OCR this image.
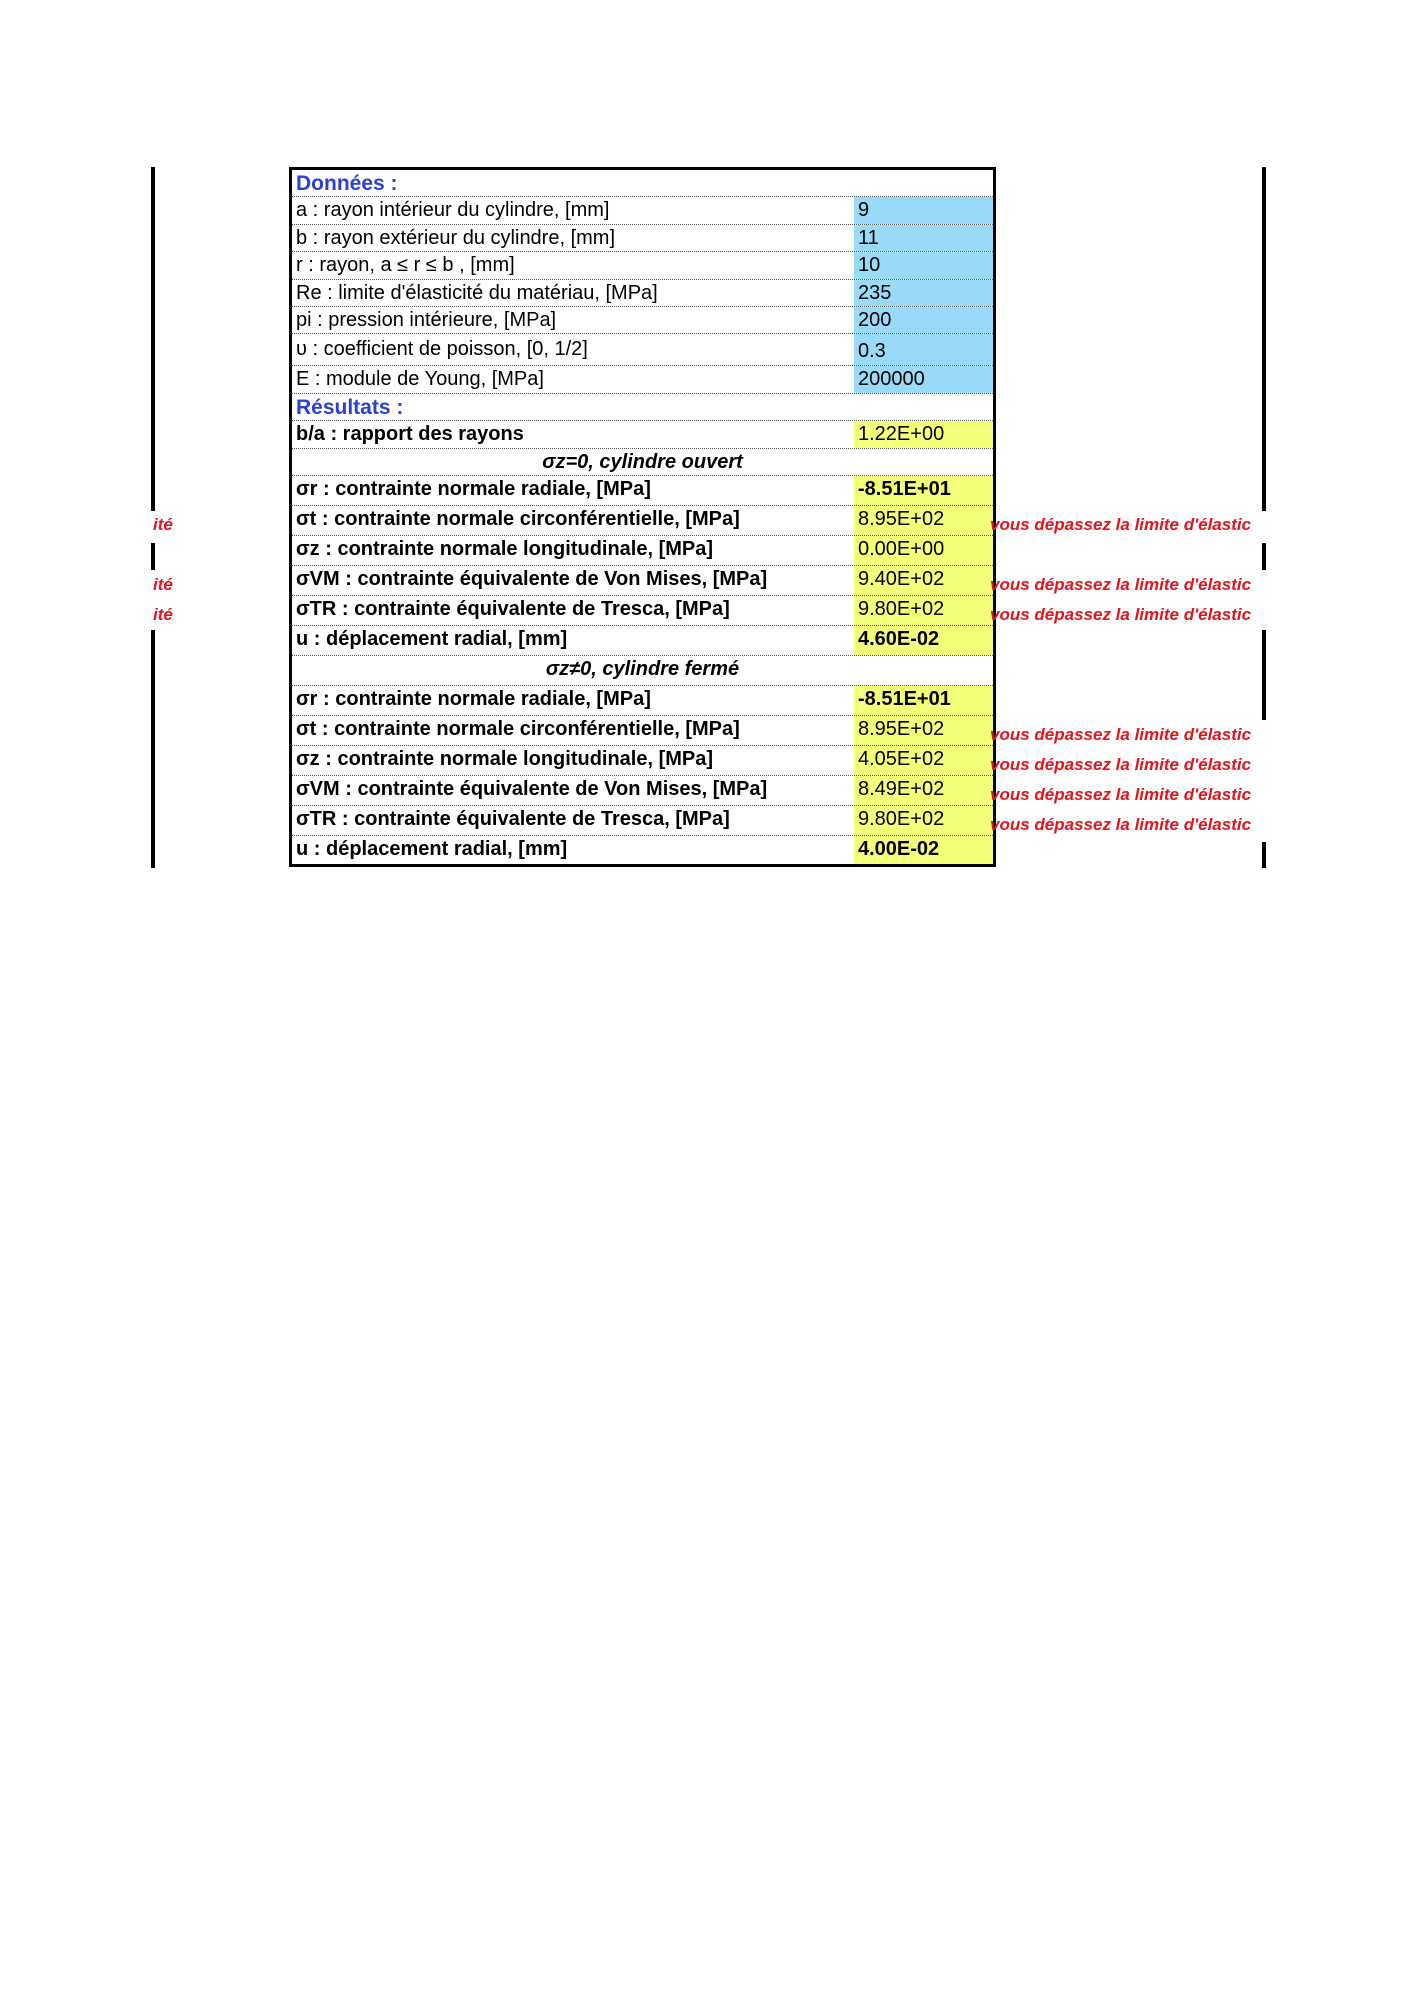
ité
ité
ité
Données :
a : rayon intérieur du cylindre, [mm]	9
b : rayon extérieur du cylindre, [mm]	11
r : rayon, a ≤ r ≤ b , [mm]	10
Re : limite d'élasticité du matériau, [MPa]	235
pi : pression intérieure, [MPa]	200
υ : coefficient de poisson, [0, 1/2]	0.3
E : module de Young, [MPa]	200000
Résultats :
b/a : rapport des rayons	1.22E+00
σz=0, cylindre ouvert
σr : contrainte normale radiale, [MPa]	-8.51E+01
σt : contrainte normale circonférentielle, [MPa]	8.95E+02
σz : contrainte normale longitudinale, [MPa]	0.00E+00
σVM : contrainte équivalente de Von Mises, [MPa]	9.40E+02
σTR : contrainte équivalente de Tresca, [MPa]	9.80E+02
u : déplacement radial, [mm]	4.60E-02
σz≠0, cylindre fermé
σr : contrainte normale radiale, [MPa]	-8.51E+01
σt : contrainte normale circonférentielle, [MPa]	8.95E+02
σz : contrainte normale longitudinale, [MPa]	4.05E+02
σVM : contrainte équivalente de Von Mises, [MPa]	8.49E+02
σTR : contrainte équivalente de Tresca, [MPa]	9.80E+02
u : déplacement radial, [mm]	4.00E-02
vous dépassez la limite d'élastic
vous dépassez la limite d'élastic
vous dépassez la limite d'élastic
vous dépassez la limite d'élastic
vous dépassez la limite d'élastic
vous dépassez la limite d'élastic
vous dépassez la limite d'élastic
